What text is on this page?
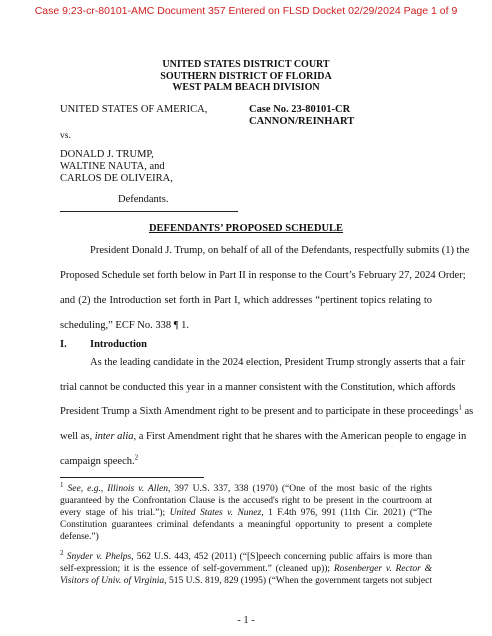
Case 9:23-cr-80101-AMC Document 357 Entered on FLSD Docket 02/29/2024 Page 1 of 9
UNITED STATES DISTRICT COURT
SOUTHERN DISTRICT OF FLORIDA
WEST PALM BEACH DIVISION
UNITED STATES OF AMERICA,	Case No. 23-80101-CR
CANNON/REINHART
vs.
DONALD J. TRUMP,
WALTINE NAUTA, and
CARLOS DE OLIVEIRA,
Defendants.
DEFENDANTS’ PROPOSED SCHEDULE
President Donald J. Trump, on behalf of all of the Defendants, respectfully submits (1) the
Proposed Schedule set forth below in Part II in response to the Court’s February 27, 2024 Order;
and (2) the Introduction set forth in Part I, which addresses “pertinent topics relating to
scheduling,” ECF No. 338 ¶ 1.
I. Introduction
As the leading candidate in the 2024 election, President Trump strongly asserts that a fair
trial cannot be conducted this year in a manner consistent with the Constitution, which affords
President Trump a Sixth Amendment right to be present and to participate in these proceedings$^1$ as
well as, inter alia, a First Amendment right that he shares with the American people to engage in
campaign speech.$^2$
$^1$ See, e.g., Illinois v. Allen, 397 U.S. 337, 338 (1970) (“One of the most basic of the rights
guaranteed by the Confrontation Clause is the accused's right to be present in the courtroom at
every stage of his trial.”); United States v. Nunez, 1 F.4th 976, 991 (11th Cir. 2021) (“The
Constitution guarantees criminal defendants a meaningful opportunity to present a complete
defense.”)
$^2$ Snyder v. Phelps, 562 U.S. 443, 452 (2011) (“[S]peech concerning public affairs is more than
self-expression; it is the essence of self-government.” (cleaned up)); Rosenberger v. Rector &
Visitors of Univ. of Virginia, 515 U.S. 819, 829 (1995) (“When the government targets not subject
- 1 -
